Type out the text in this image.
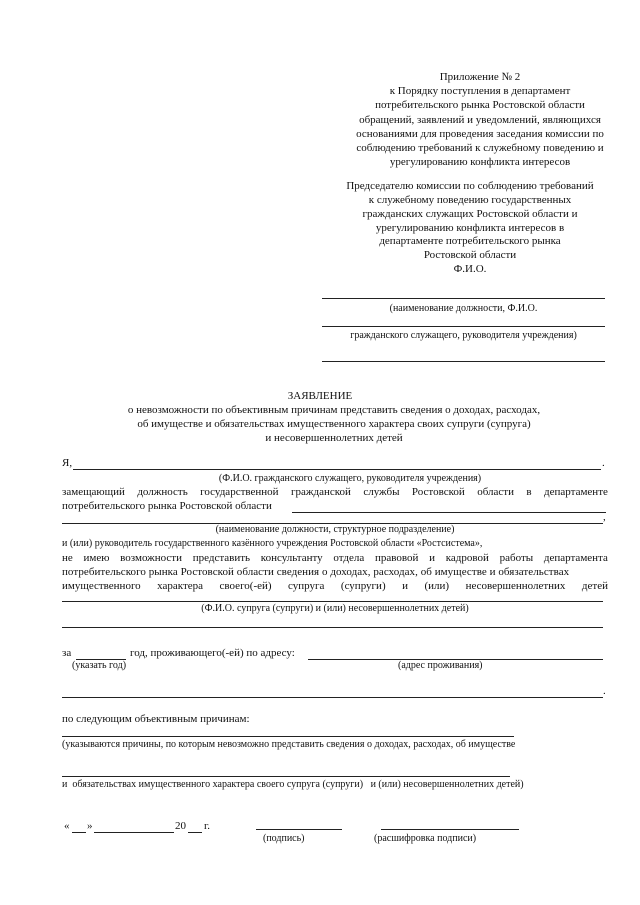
Приложение № 2
к Порядку поступления в департамент
потребительского рынка Ростовской области
обращений, заявлений и уведомлений, являющихся
основаниями для проведения заседания комиссии по
соблюдению требований к служебному поведению и
урегулированию конфликта интересов
Председателю комиссии по соблюдению требований
к служебному поведению государственных
гражданских служащих Ростовской области и
урегулированию конфликта интересов в
департаменте потребительского рынка
Ростовской области
Ф.И.О.
(наименование должности, Ф.И.О.
гражданского служащего, руководителя учреждения)
ЗАЯВЛЕНИЕ
о невозможности по объективным причинам представить сведения о доходах, расходах,
об имуществе и обязательствах имущественного характера своих супруги (супруга)
и несовершеннолетних детей
Я,	.
(Ф.И.О. гражданского служащего, руководителя учреждения)
замещающий должность государственной гражданской службы Ростовской области в департаменте
потребительского рынка Ростовской области
,
(наименование должности, структурное подразделение)
и (или) руководитель государственного казённого учреждения Ростовской области «Ростсистема»,
не имею возможности представить консультанту отдела правовой и кадровой работы департамента
потребительского рынка Ростовской области сведения о доходах, расходах, об имуществе и обязательствах
имущественного характера своего(-ей) супруга (супруги) и (или) несовершеннолетних детей
(Ф.И.О. супруга (супруги) и (или) несовершеннолетних детей)
за	год, проживающего(-ей) по адресу:
(указать год)	(адрес проживания)
.
по следующим объективным причинам:
(указываются причины, по которым невозможно представить сведения о доходах, расходах, об имуществе
и  обязательствах имущественного характера своего супруга (супруги)   и (или) несовершеннолетних детей)
« »	20 г.
(подпись)	(расшифровка подписи)
